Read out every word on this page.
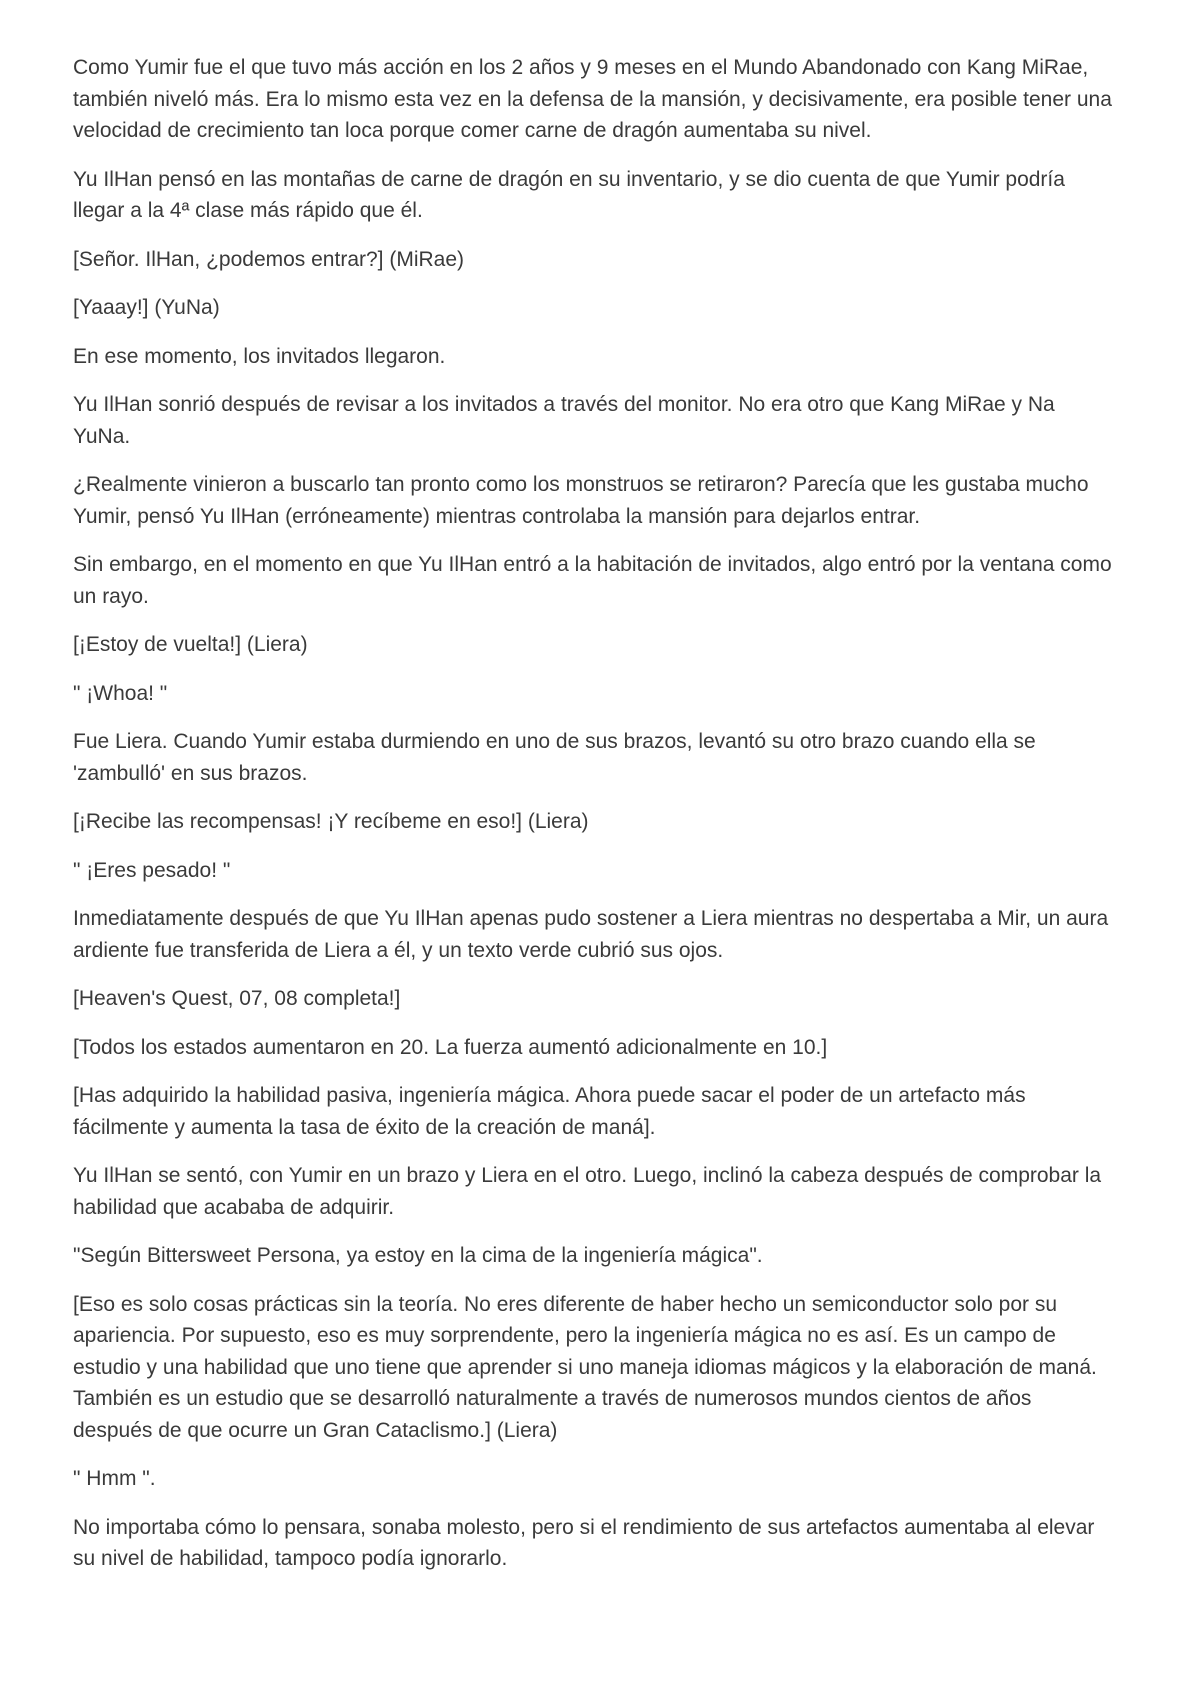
Como Yumir fue el que tuvo más acción en los 2 años y 9 meses en el Mundo Abandonado con Kang MiRae, también niveló más. Era lo mismo esta vez en la defensa de la mansión, y decisivamente, era posible tener una velocidad de crecimiento tan loca porque comer carne de dragón aumentaba su nivel.

Yu IlHan pensó en las montañas de carne de dragón en su inventario, y se dio cuenta de que Yumir podría llegar a la 4ª clase más rápido que él.

[Señor. IlHan, ¿podemos entrar?] (MiRae)

[Yaaay!] (YuNa)

En ese momento, los invitados llegaron.

Yu IlHan sonrió después de revisar a los invitados a través del monitor. No era otro que Kang MiRae y Na YuNa.

¿Realmente vinieron a buscarlo tan pronto como los monstruos se retiraron? Parecía que les gustaba mucho Yumir, pensó Yu IlHan (erróneamente) mientras controlaba la mansión para dejarlos entrar.

Sin embargo, en el momento en que Yu IlHan entró a la habitación de invitados, algo entró por la ventana como un rayo.

[¡Estoy de vuelta!] (Liera)

" ¡Whoa! "

Fue Liera. Cuando Yumir estaba durmiendo en uno de sus brazos, levantó su otro brazo cuando ella se 'zambulló' en sus brazos.

[¡Recibe las recompensas! ¡Y recíbeme en eso!] (Liera)

" ¡Eres pesado! "

Inmediatamente después de que Yu IlHan apenas pudo sostener a Liera mientras no despertaba a Mir, un aura ardiente fue transferida de Liera a él, y un texto verde cubrió sus ojos.

[Heaven's Quest, 07, 08 completa!]

[Todos los estados aumentaron en 20. La fuerza aumentó adicionalmente en 10.]

[Has adquirido la habilidad pasiva, ingeniería mágica. Ahora puede sacar el poder de un artefacto más fácilmente y aumenta la tasa de éxito de la creación de maná].

Yu IlHan se sentó, con Yumir en un brazo y Liera en el otro. Luego, inclinó la cabeza después de comprobar la habilidad que acababa de adquirir.

"Según Bittersweet Persona, ya estoy en la cima de la ingeniería mágica".

[Eso es solo cosas prácticas sin la teoría. No eres diferente de haber hecho un semiconductor solo por su apariencia. Por supuesto, eso es muy sorprendente, pero la ingeniería mágica no es así. Es un campo de estudio y una habilidad que uno tiene que aprender si uno maneja idiomas mágicos y la elaboración de maná. También es un estudio que se desarrolló naturalmente a través de numerosos mundos cientos de años después de que ocurre un Gran Cataclismo.] (Liera)

" Hmm ".

No importaba cómo lo pensara, sonaba molesto, pero si el rendimiento de sus artefactos aumentaba al elevar su nivel de habilidad, tampoco podía ignorarlo.
